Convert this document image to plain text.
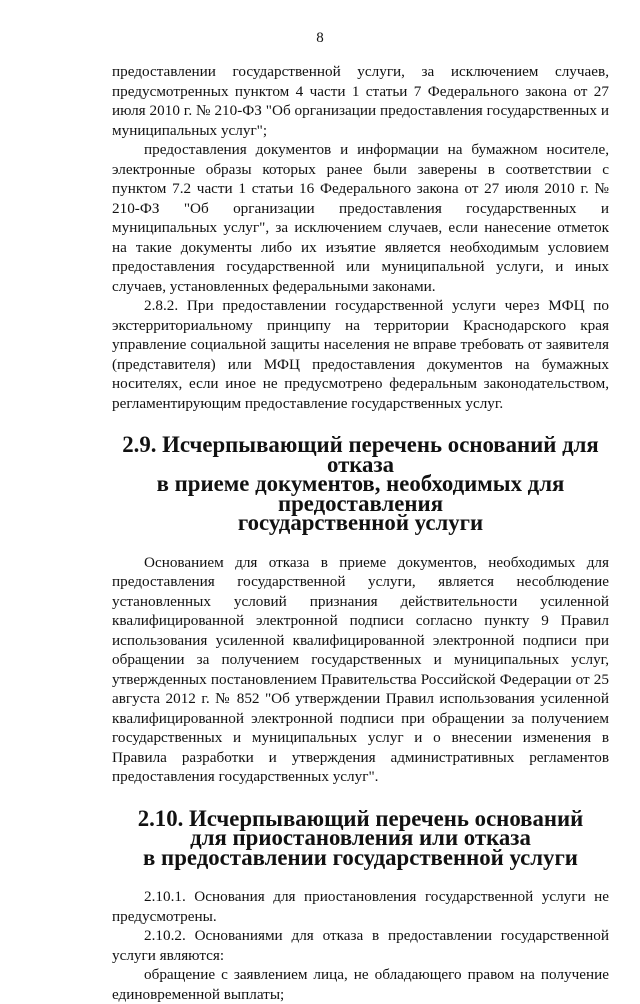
8

предоставлении государственной услуги, за исключением случаев, предусмотренных пунктом 4 части 1 статьи 7 Федерального закона от 27 июля 2010 г. № 210-ФЗ "Об организации предоставления государственных и муниципальных услуг";

предоставления документов и информации на бумажном носителе, электронные образы которых ранее были заверены в соответствии с пунктом 7.2 части 1 статьи 16 Федерального закона от 27 июля 2010 г. № 210-ФЗ "Об организации предоставления государственных и муниципальных услуг", за исключением случаев, если нанесение отметок на такие документы либо их изъятие является необходимым условием предоставления государственной или муниципальной услуги, и иных случаев, установленных федеральными законами.

2.8.2. При предоставлении государственной услуги через МФЦ по экстерриториальному принципу на территории Краснодарского края управление социальной защиты населения не вправе требовать от заявителя (представителя) или МФЦ предоставления документов на бумажных носителях, если иное не предусмотрено федеральным законодательством, регламентирующим предоставление государственных услуг.

2.9. Исчерпывающий перечень оснований для отказа
в приеме документов, необходимых для предоставления
государственной услуги

Основанием для отказа в приеме документов, необходимых для предоставления государственной услуги, является несоблюдение установленных условий признания действительности усиленной квалифицированной электронной подписи согласно пункту 9 Правил использования усиленной квалифицированной электронной подписи при обращении за получением государственных и муниципальных услуг, утвержденных постановлением Правительства Российской Федерации от 25 августа 2012 г. № 852 "Об утверждении Правил использования усиленной квалифицированной электронной подписи при обращении за получением государственных и муниципальных услуг и о внесении изменения в Правила разработки и утверждения административных регламентов предоставления государственных услуг".

2.10. Исчерпывающий перечень оснований
для приостановления или отказа
в предоставлении государственной услуги

2.10.1. Основания для приостановления государственной услуги не предусмотрены.

2.10.2. Основаниями для отказа в предоставлении государственной услуги являются:

обращение с заявлением лица, не обладающего правом на получение единовременной выплаты;
